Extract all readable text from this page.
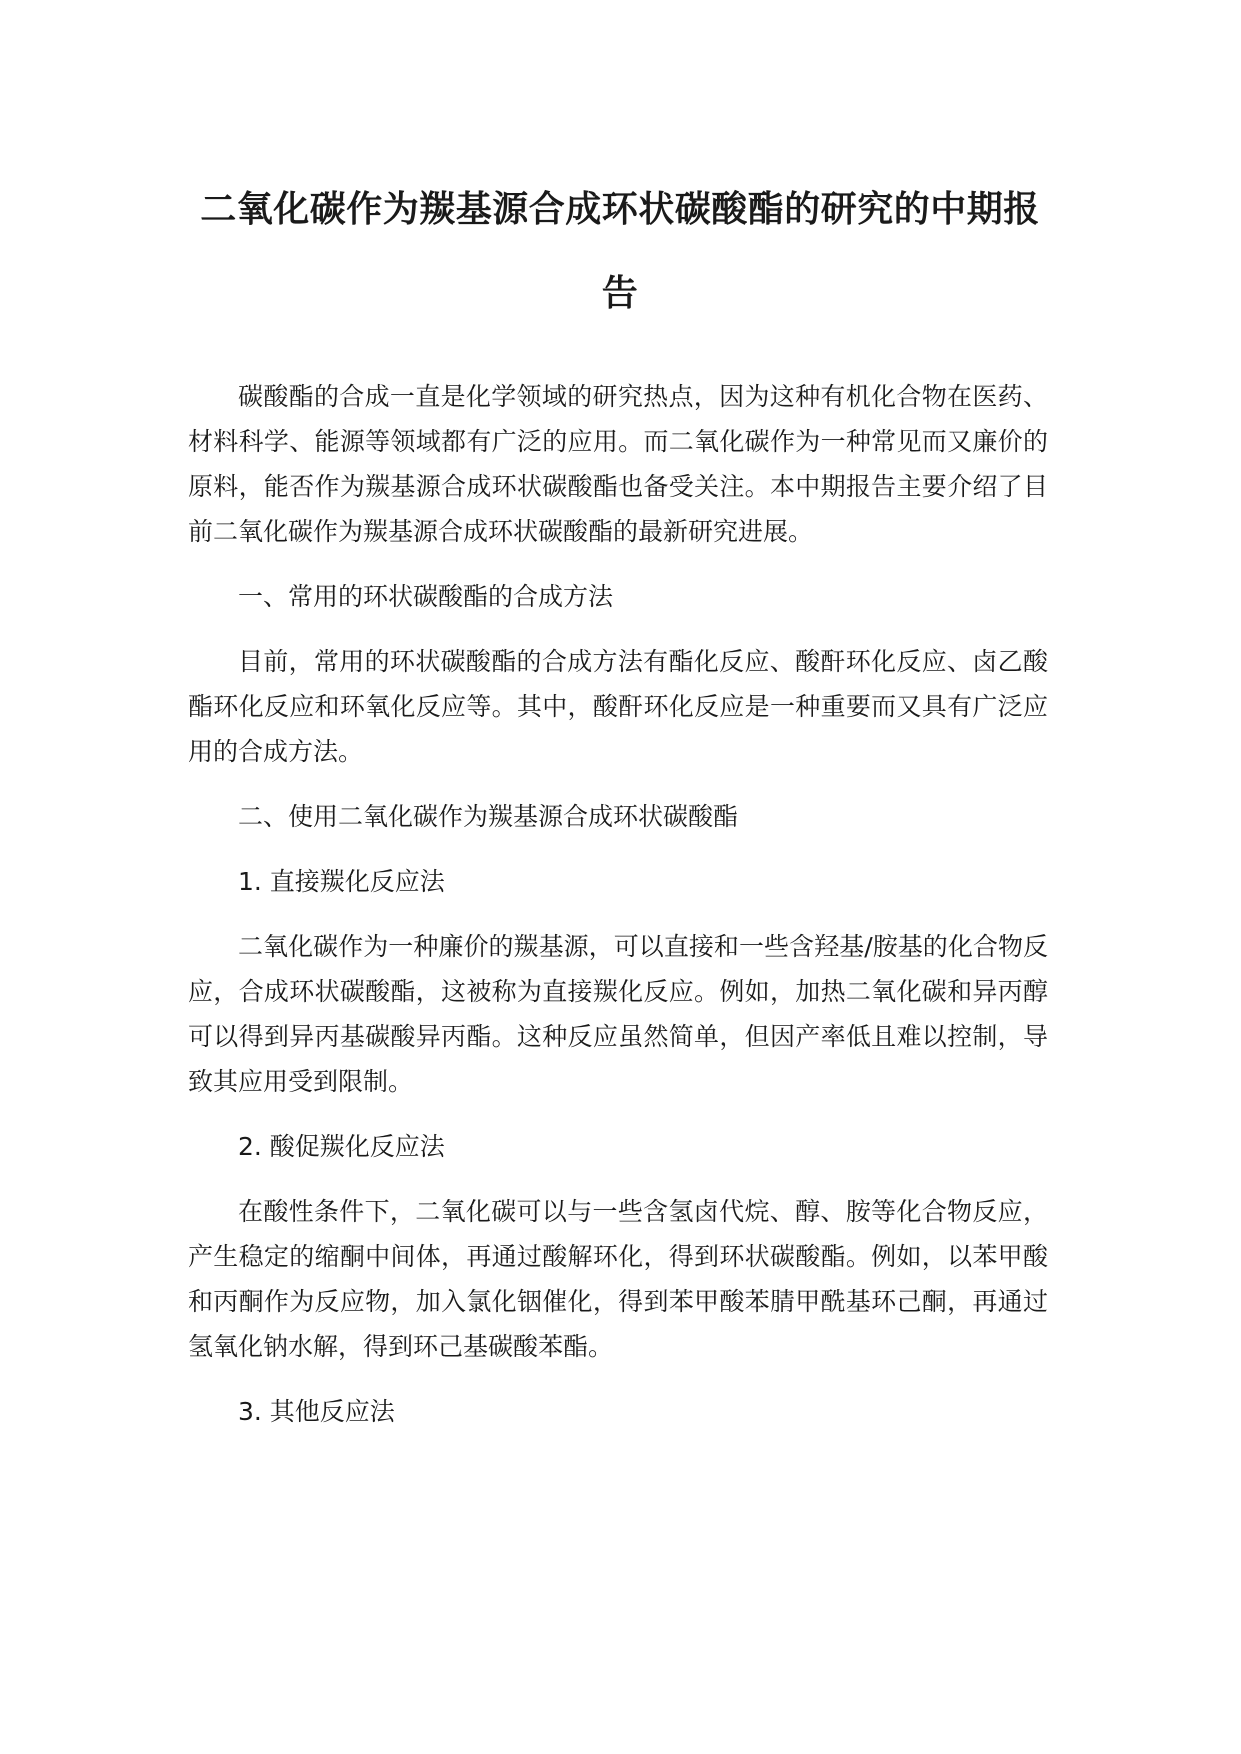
二氧化碳作为羰基源合成环状碳酸酯的研究的中期报告

碳酸酯的合成一直是化学领域的研究热点，因为这种有机化合物在医药、材料科学、能源等领域都有广泛的应用。而二氧化碳作为一种常见而又廉价的原料，能否作为羰基源合成环状碳酸酯也备受关注。本中期报告主要介绍了目前二氧化碳作为羰基源合成环状碳酸酯的最新研究进展。

一、常用的环状碳酸酯的合成方法

目前，常用的环状碳酸酯的合成方法有酯化反应、酸酐环化反应、卤乙酸酯环化反应和环氧化反应等。其中，酸酐环化反应是一种重要而又具有广泛应用的合成方法。

二、使用二氧化碳作为羰基源合成环状碳酸酯

1. 直接羰化反应法

二氧化碳作为一种廉价的羰基源，可以直接和一些含羟基/胺基的化合物反应，合成环状碳酸酯，这被称为直接羰化反应。例如，加热二氧化碳和异丙醇可以得到异丙基碳酸异丙酯。这种反应虽然简单，但因产率低且难以控制，导致其应用受到限制。

2. 酸促羰化反应法

在酸性条件下，二氧化碳可以与一些含氢卤代烷、醇、胺等化合物反应，产生稳定的缩酮中间体，再通过酸解环化，得到环状碳酸酯。例如，以苯甲酸和丙酮作为反应物，加入氯化铟催化，得到苯甲酸苯腈甲酰基环己酮，再通过氢氧化钠水解，得到环己基碳酸苯酯。

3. 其他反应法
